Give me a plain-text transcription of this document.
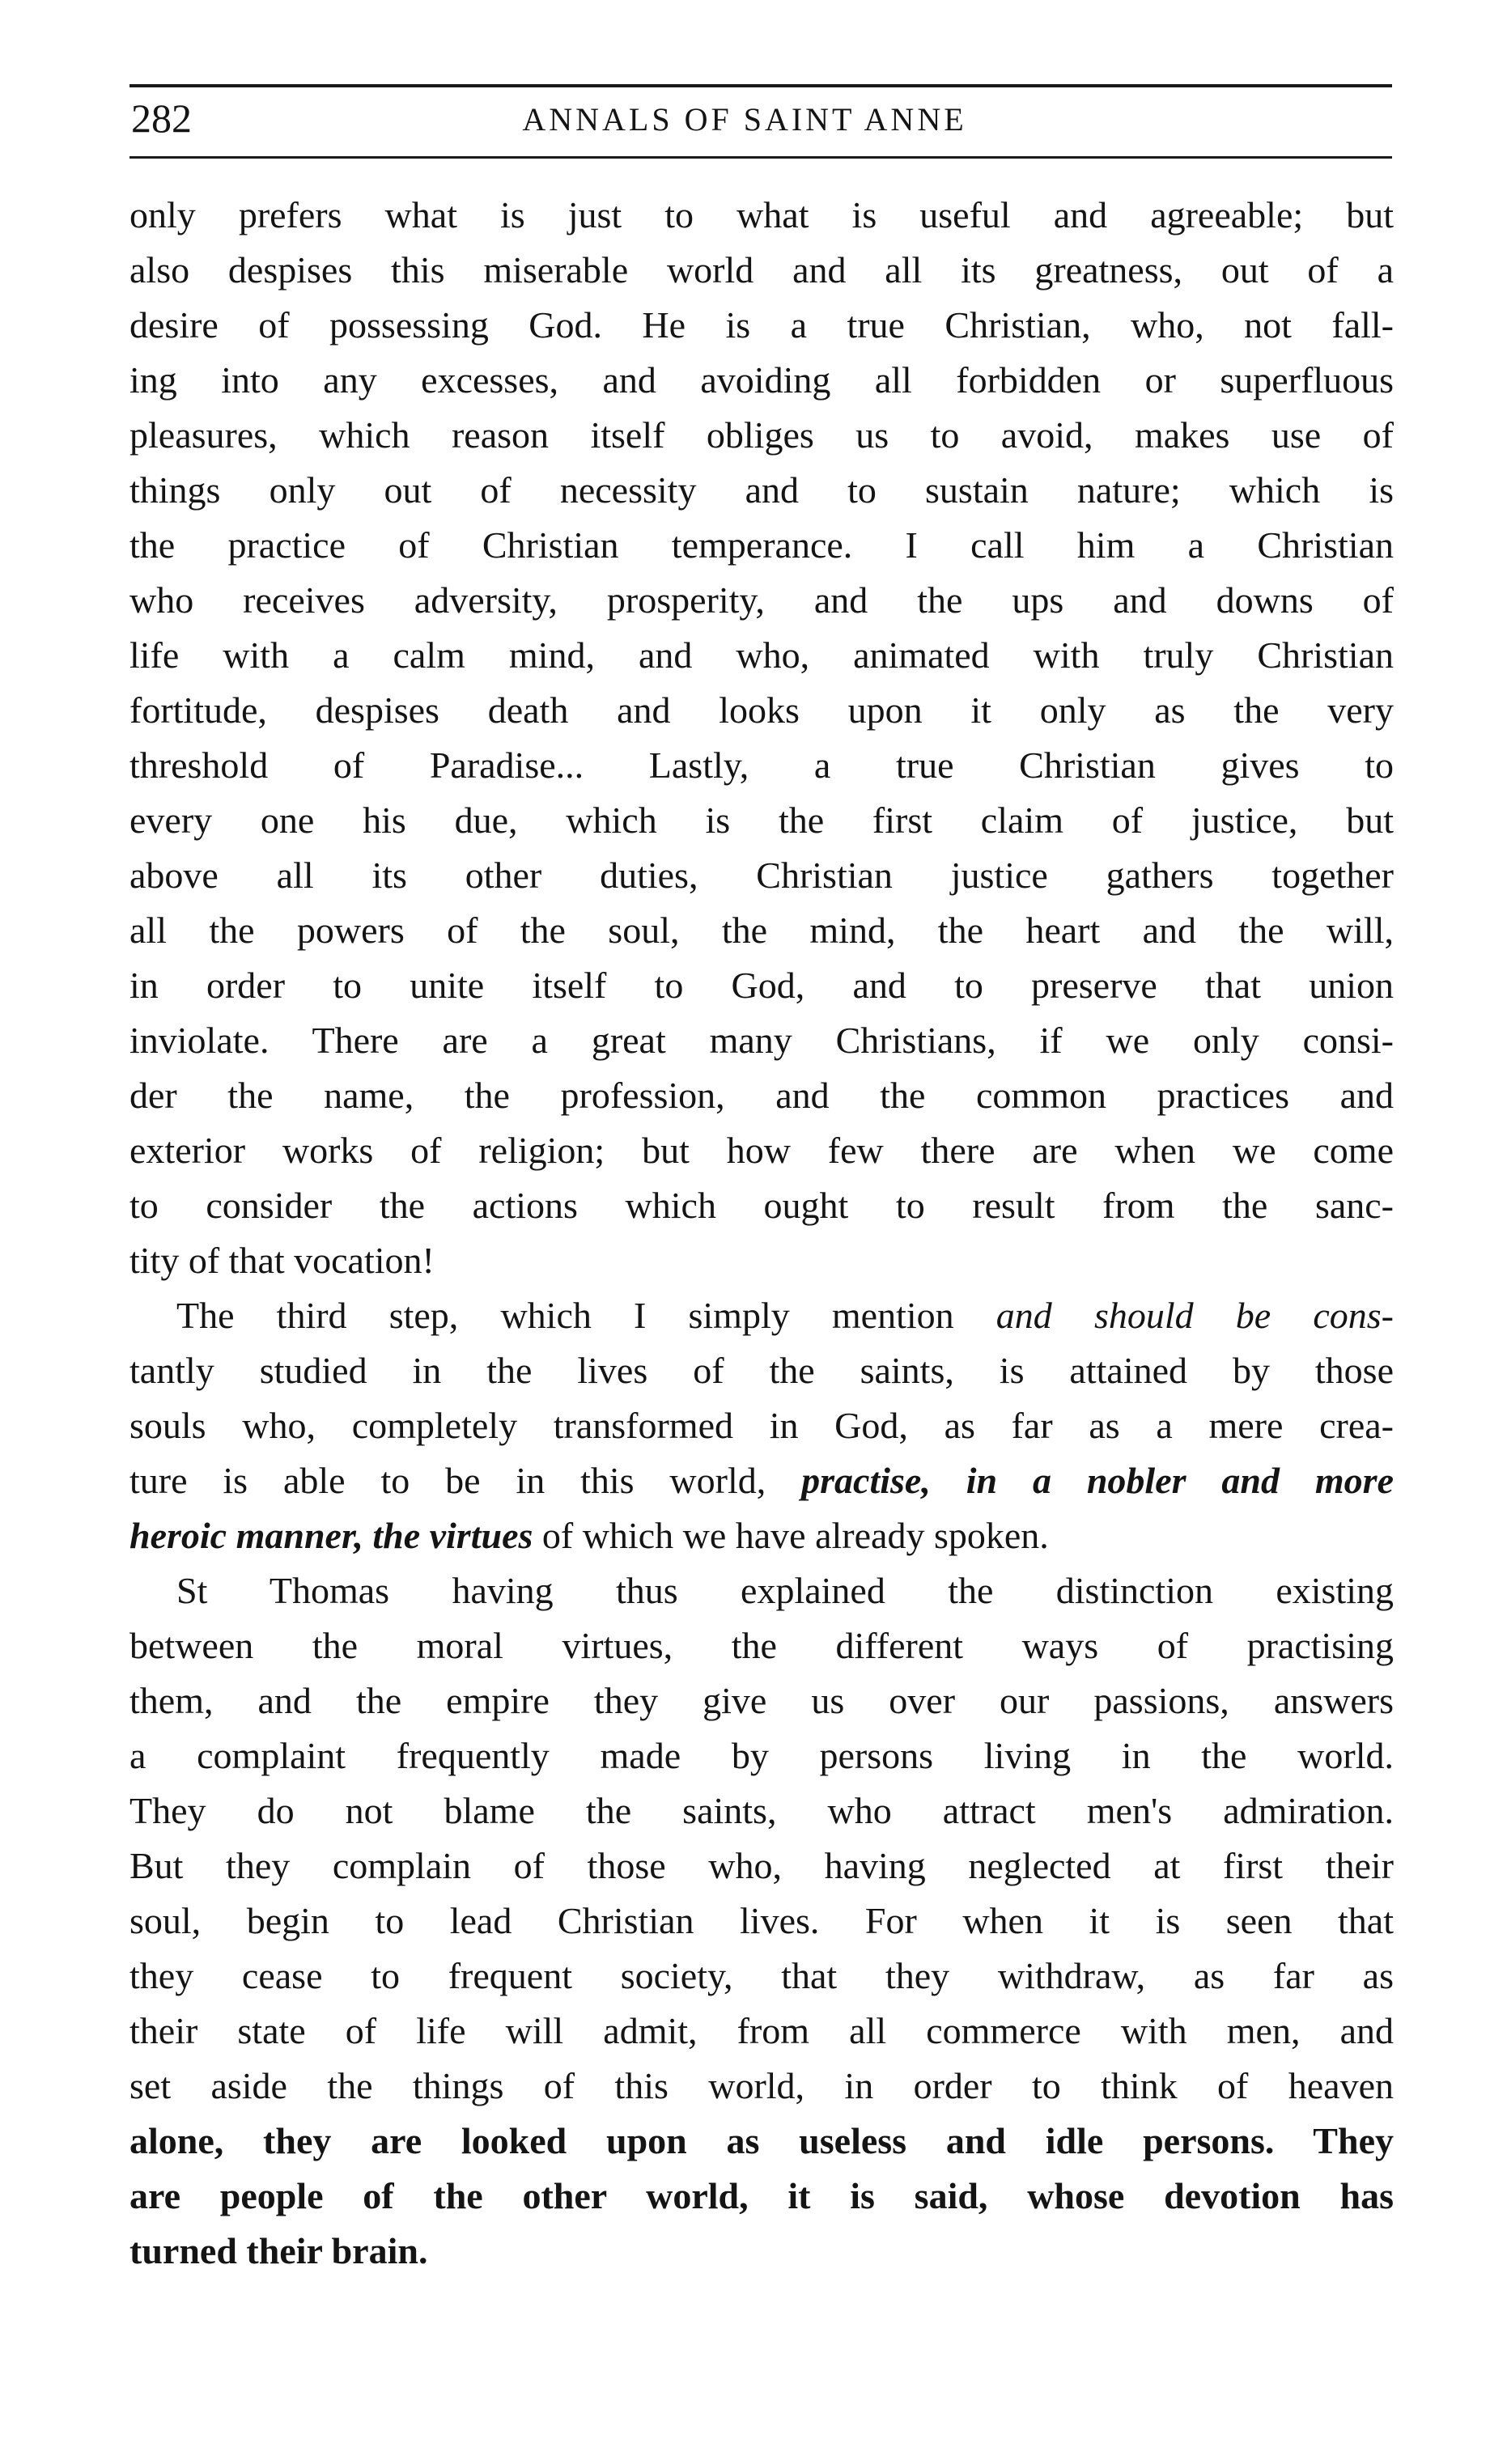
282	ANNALS OF SAINT ANNE
only prefers what is just to what is useful and agreeable; but
also despises this miserable world and all its greatness, out of a
desire of possessing God. He is a true Christian, who, not fall-
ing into any excesses, and avoiding all forbidden or superfluous
pleasures, which reason itself obliges us to avoid, makes use of
things only out of necessity and to sustain nature; which is
the practice of Christian temperance. I call him a Christian
who receives adversity, prosperity, and the ups and downs of
life with a calm mind, and who, animated with truly Christian
fortitude, despises death and looks upon it only as the very
threshold of Paradise... Lastly, a true Christian gives to
every one his due, which is the first claim of justice, but
above all its other duties, Christian justice gathers together
all the powers of the soul, the mind, the heart and the will,
in order to unite itself to God, and to preserve that union
inviolate. There are a great many Christians, if we only consi-
der the name, the profession, and the common practices and
exterior works of religion; but how few there are when we come
to consider the actions which ought to result from the sanc-
tity of that vocation!
The third step, which I simply mention and should be cons-
tantly studied in the lives of the saints, is attained by those
souls who, completely transformed in God, as far as a mere crea-
ture is able to be in this world, practise, in a nobler and more
heroic manner, the virtues of which we have already spoken.
St Thomas having thus explained the distinction existing
between the moral virtues, the different ways of practising
them, and the empire they give us over our passions, answers
a complaint frequently made by persons living in the world.
They do not blame the saints, who attract men's admiration.
But they complain of those who, having neglected at first their
soul, begin to lead Christian lives. For when it is seen that
they cease to frequent society, that they withdraw, as far as
their state of life will admit, from all commerce with men, and
set aside the things of this world, in order to think of heaven
alone, they are looked upon as useless and idle persons. They
are people of the other world, it is said, whose devotion has
turned their brain.
